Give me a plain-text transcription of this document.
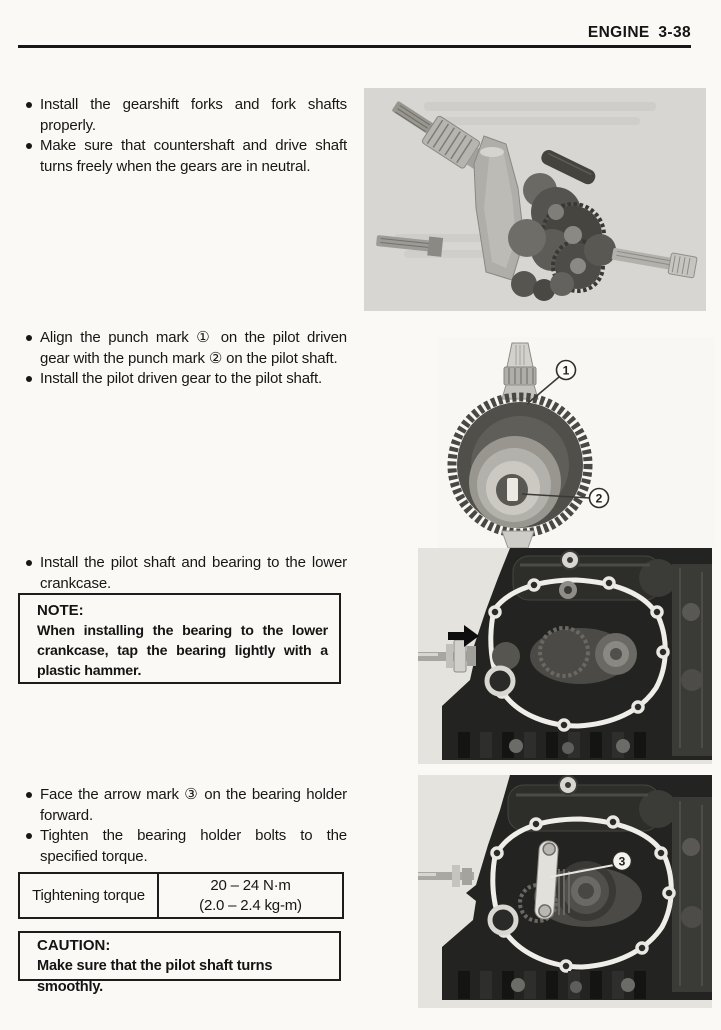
ENGINE 3-38
Install the gearshift forks and fork shafts properly.
Make sure that countershaft and drive shaft turns freely when the gears are in neutral.
Align the punch mark ① on the pilot driven gear with the punch mark ② on the pilot shaft.
Install the pilot driven gear to the pilot shaft.	1
2
Install the pilot shaft and bearing to the lower crankcase.
NOTE:
When installing the bearing to the lower crankcase, tap the bearing lightly with a plastic hammer.
Face the arrow mark ③ on the bearing holder forward.
Tighten the bearing holder bolts to the specified torque.
Tightening torque
20 – 24 N·m
(2.0 – 2.4 kg-m)
CAUTION:
Make sure that the pilot shaft turns smoothly.
3
